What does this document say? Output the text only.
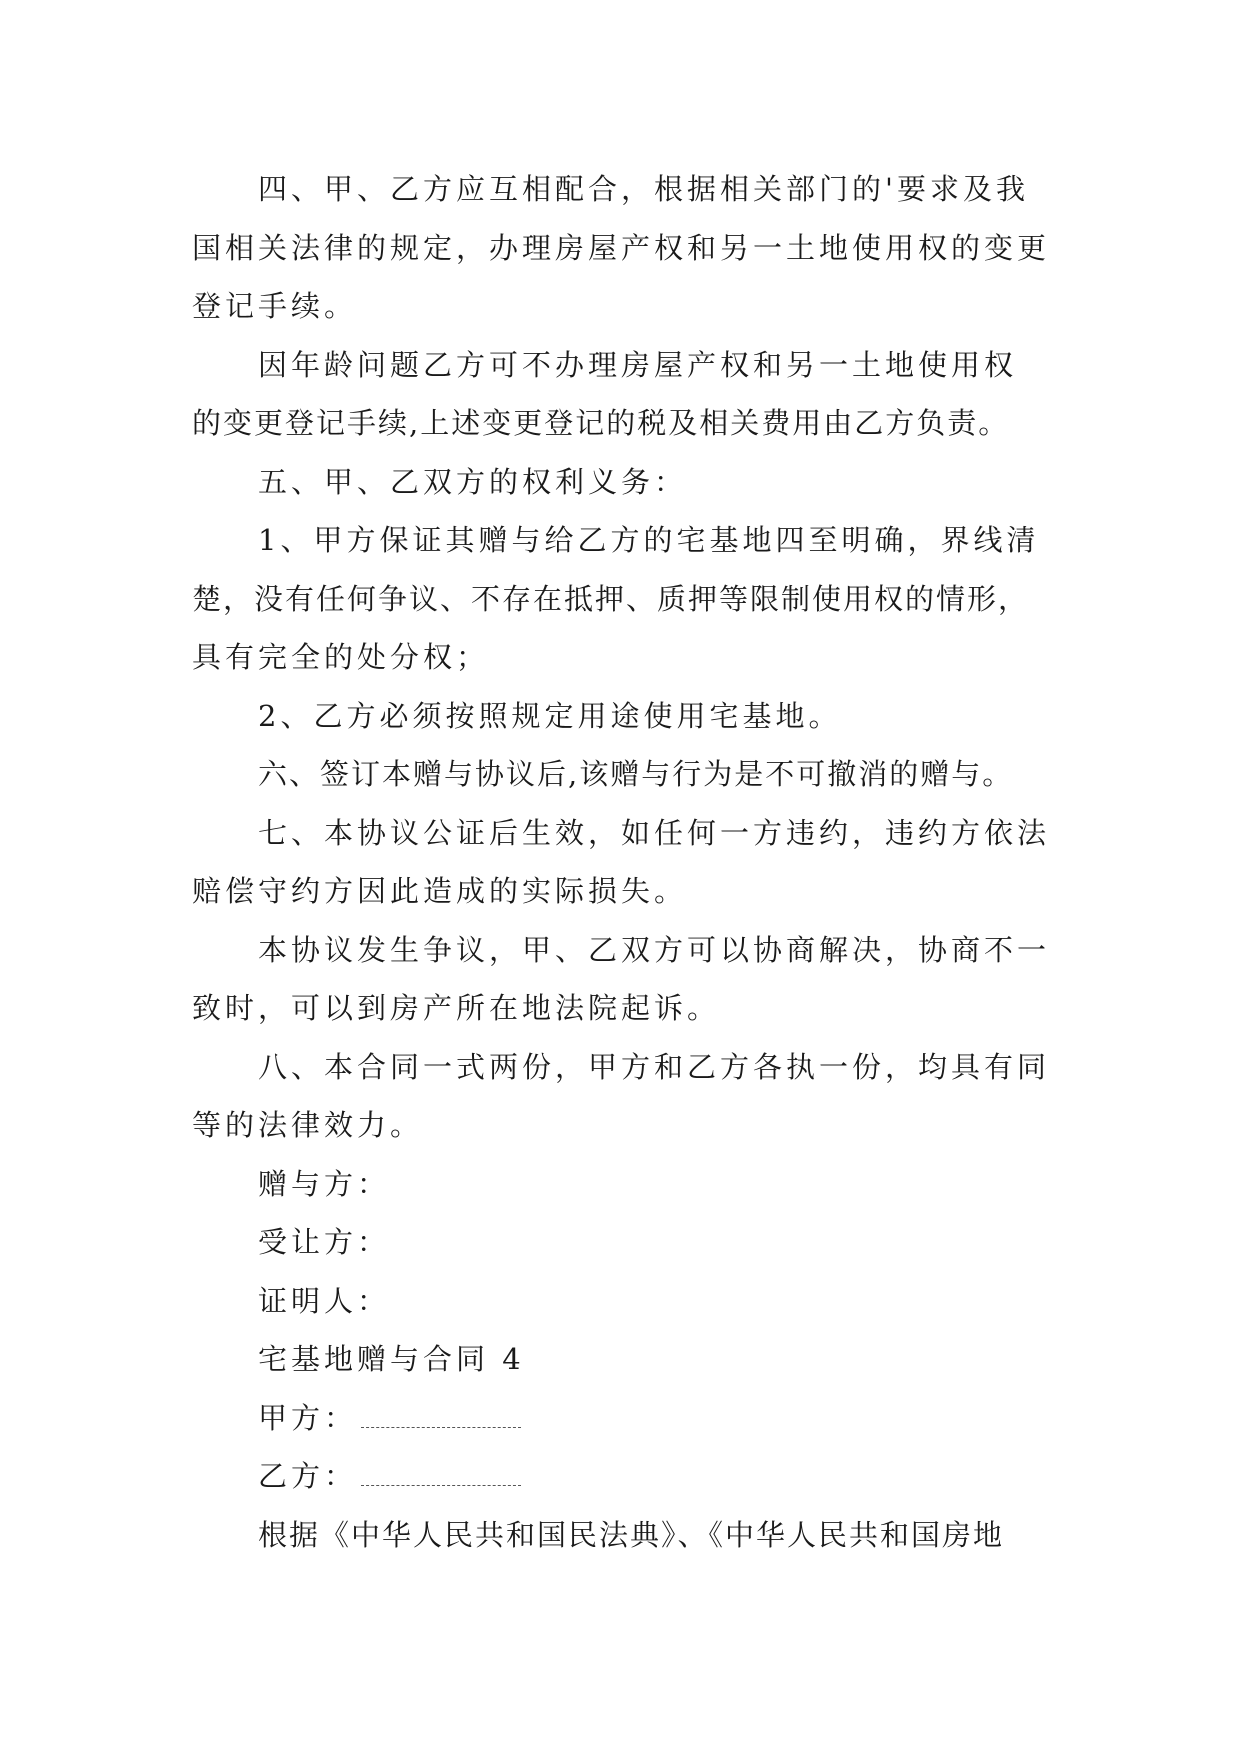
四、甲、乙方应互相配合，根据相关部门的'要求及我
国相关法律的规定，办理房屋产权和另一土地使用权的变更
登记手续。
因年龄问题乙方可不办理房屋产权和另一土地使用权
的变更登记手续,上述变更登记的税及相关费用由乙方负责。
五、甲、乙双方的权利义务：
1、甲方保证其赠与给乙方的宅基地四至明确，界线清
楚，没有任何争议、不存在抵押、质押等限制使用权的情形，
具有完全的处分权；
2、乙方必须按照规定用途使用宅基地。
六、签订本赠与协议后,该赠与行为是不可撤消的赠与。
七、本协议公证后生效，如任何一方违约，违约方依法
赔偿守约方因此造成的实际损失。
本协议发生争议，甲、乙双方可以协商解决，协商不一
致时，可以到房产所在地法院起诉。
八、本合同一式两份，甲方和乙方各执一份，均具有同
等的法律效力。
赠与方：
受让方：
证明人：
宅基地赠与合同 4
甲方：
乙方：
根据《中华人民共和国民法典》、《中华人民共和国房地
